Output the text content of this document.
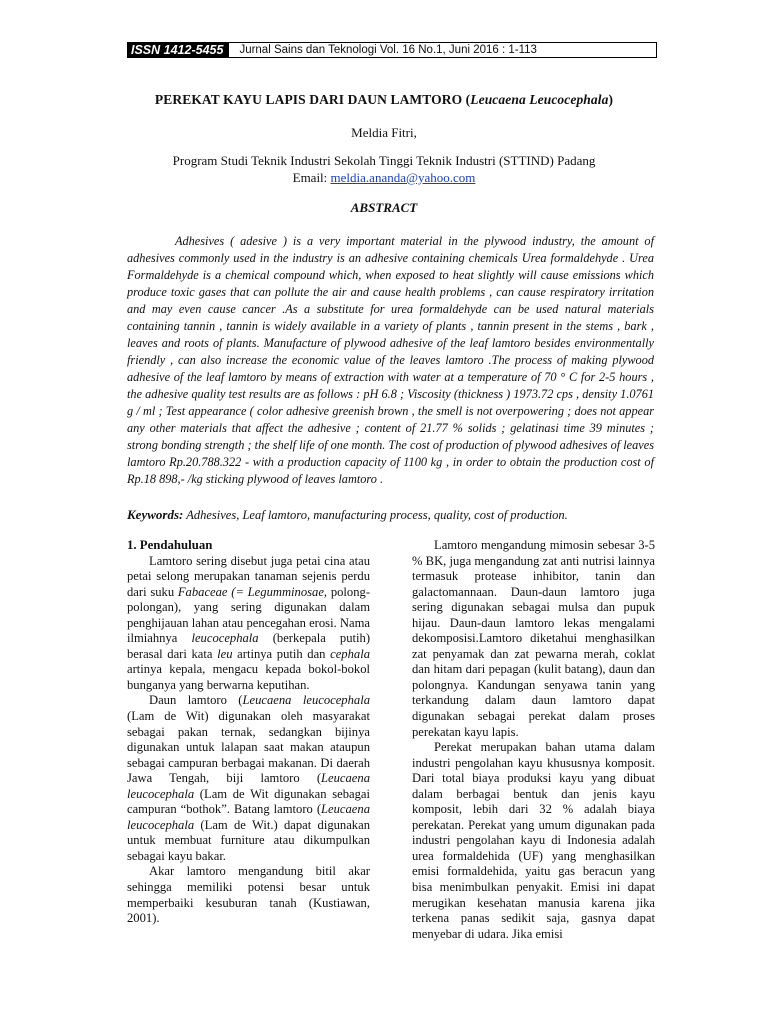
ISSN 1412-5455	Jurnal Sains dan Teknologi Vol. 16 No.1, Juni 2016 : 1-113
PEREKAT KAYU LAPIS DARI DAUN LAMTORO (Leucaena Leucocephala)
Meldia Fitri,
Program Studi Teknik Industri Sekolah Tinggi Teknik Industri (STTIND) Padang
Email: meldia.ananda@yahoo.com
ABSTRACT

Adhesives ( adesive ) is a very important material in the plywood industry, the amount of adhesives commonly used in the industry is an adhesive containing chemicals Urea formaldehyde . Urea Formaldehyde is a chemical compound which, when exposed to heat slightly will cause emissions which produce toxic gases that can pollute the air and cause health problems , can cause respiratory irritation and may even cause cancer .As a substitute for urea formaldehyde can be used natural materials containing tannin , tannin is widely available in a variety of plants , tannin present in the stems , bark , leaves and roots of plants. Manufacture of plywood adhesive of the leaf lamtoro besides environmentally friendly , can also increase the economic value of the leaves lamtoro .The process of making plywood adhesive of the leaf lamtoro by means of extraction with water at a temperature of 70 ° C for 2-5 hours , the adhesive quality test results are as follows : pH 6.8 ; Viscosity (thickness ) 1973.72 cps , density 1.0761 g / ml ; Test appearance ( color adhesive greenish brown , the smell is not overpowering ; does not appear any other materials that affect the adhesive ; content of 21.77 % solids ; gelatinasi time 39 minutes ; strong bonding strength ; the shelf life of one month. The cost of production of plywood adhesives of leaves lamtoro Rp.20.788.322 - with a production capacity of 1100 kg , in order to obtain the production cost of Rp.18 898,- /kg sticking plywood of leaves lamtoro .

Keywords: Adhesives, Leaf lamtoro, manufacturing process, quality, cost of production.

1. Pendahuluan

Lamtoro sering disebut juga petai cina atau petai selong merupakan tanaman sejenis perdu dari suku Fabaceae (= Legumminosae, polong-polongan), yang sering digunakan dalam penghijauan lahan atau pencegahan erosi. Nama ilmiahnya leucocephala (berkepala putih) berasal dari kata leu artinya putih dan cephala artinya kepala, mengacu kepada bokol-bokol bunganya yang berwarna keputihan.

Daun lamtoro (Leucaena leucocephala (Lam de Wit) digunakan oleh masyarakat sebagai pakan ternak, sedangkan bijinya digunakan untuk lalapan saat makan ataupun sebagai campuran berbagai makanan. Di daerah Jawa Tengah, biji lamtoro (Leucaena leucocephala (Lam de Wit digunakan sebagai campuran “bothok”. Batang lamtoro (Leucaena leucocephala (Lam de Wit.) dapat digunakan untuk membuat furniture atau dikumpulkan sebagai kayu bakar.

Akar lamtoro mengandung bitil akar sehingga memiliki potensi besar untuk memperbaiki kesuburan tanah (Kustiawan, 2001).

Lamtoro mengandung mimosin sebesar 3-5 % BK, juga mengandung zat anti nutrisi lainnya termasuk protease inhibitor, tanin dan galactomannaan. Daun-daun lamtoro juga sering digunakan sebagai mulsa dan pupuk hijau. Daun-daun lamtoro lekas mengalami dekomposisi.Lamtoro diketahui menghasilkan zat penyamak dan zat pewarna merah, coklat dan hitam dari pepagan (kulit batang), daun dan polongnya. Kandungan senyawa tanin yang terkandung dalam daun lamtoro dapat digunakan sebagai perekat dalam proses perekatan kayu lapis.

Perekat merupakan bahan utama dalam industri pengolahan kayu khususnya komposit. Dari total biaya produksi kayu yang dibuat dalam berbagai bentuk dan jenis kayu komposit, lebih dari 32 % adalah biaya perekatan. Perekat yang umum digunakan pada industri pengolahan kayu di Indonesia adalah urea formaldehida (UF) yang menghasilkan emisi formaldehida, yaitu gas beracun yang bisa menimbulkan penyakit. Emisi ini dapat merugikan kesehatan manusia karena jika terkena panas sedikit saja, gasnya dapat menyebar di udara. Jika emisi
